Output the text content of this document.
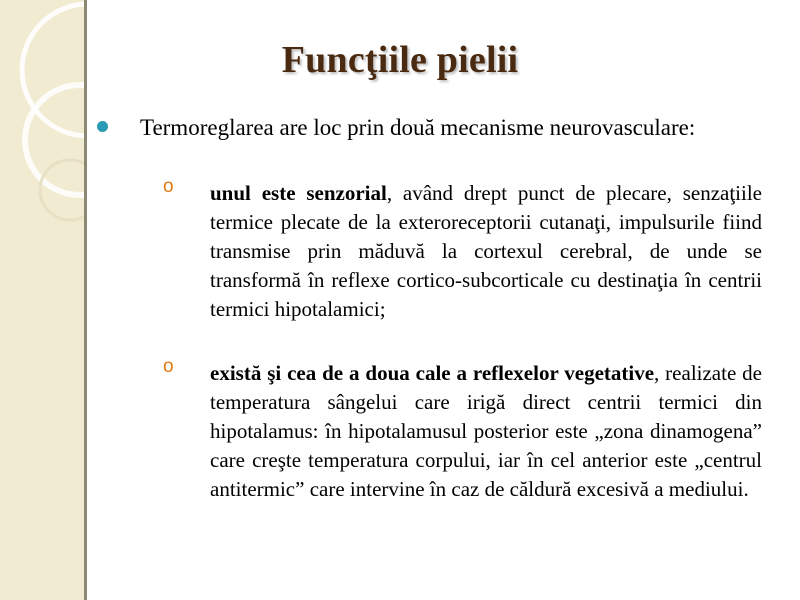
Funcţiile pielii
Termoreglarea are loc prin două mecanisme neurovasculare:
o unul este senzorial, având drept punct de plecare, senzaţiile termice plecate de la exteroreceptorii cutanaţi, impulsurile fiind transmise prin măduvă la cortexul cerebral, de unde se transformă în reflexe cortico-subcorticale cu destinaţia în centrii termici hipotalamici;
o există şi cea de a doua cale a reflexelor vegetative, realizate de temperatura sângelui care irigă direct centrii termici din hipotalamus: în hipotalamusul posterior este „zona dinamogena” care creşte temperatura corpului, iar în cel anterior este „centrul antitermic” care intervine în caz de căldură excesivă a mediului.
